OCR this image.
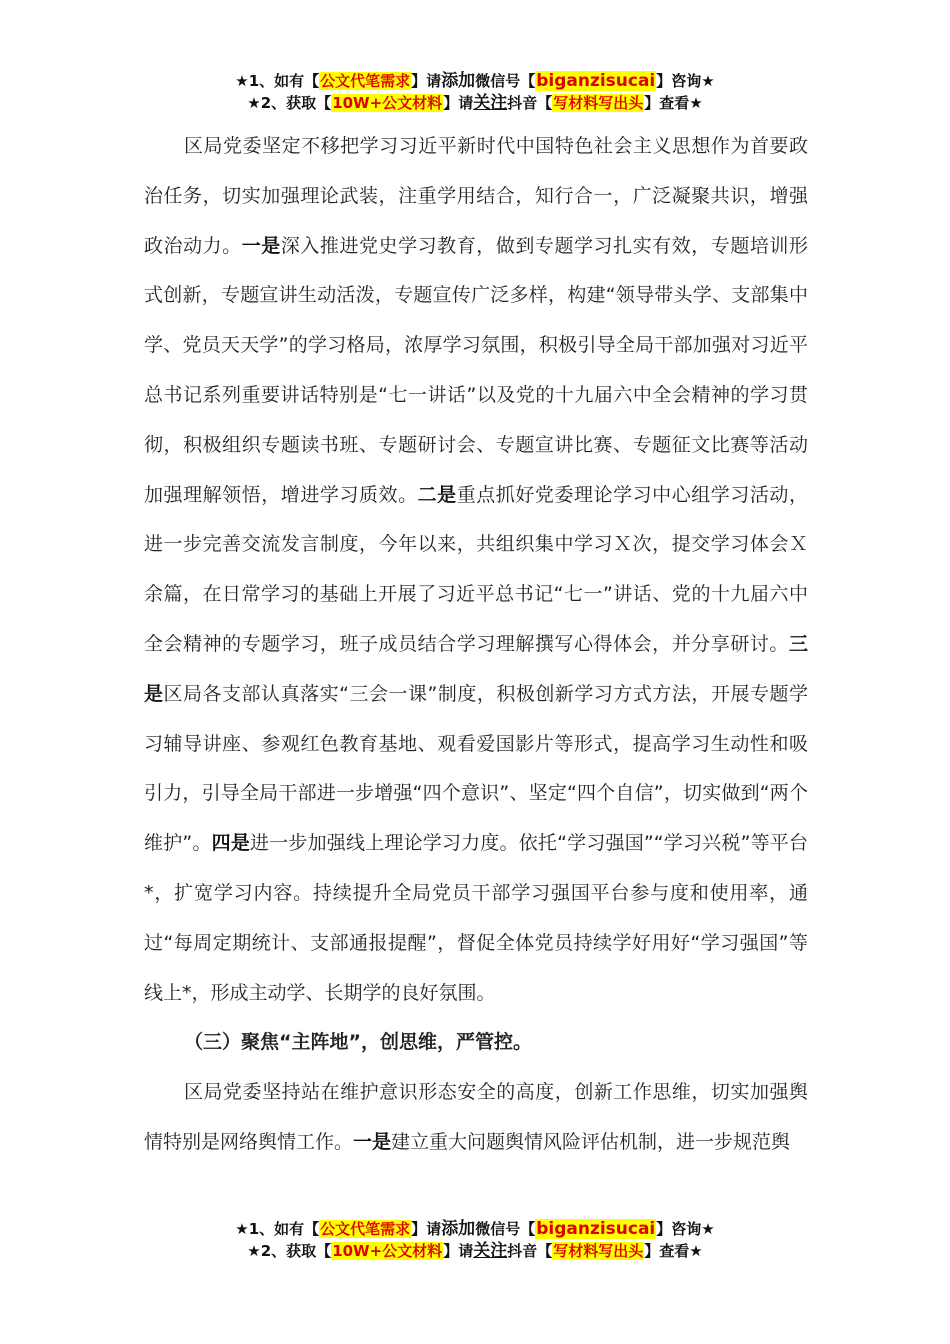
★1、如有【公文代笔需求】请添加微信号【biganzisucai】咨询★
★2、获取【10W+公文材料】请关注抖音【写材料写出头】查看★

区局党委坚定不移把学习习近平新时代中国特色社会主义思想作为首要政治任务，切实加强理论武装，注重学用结合，知行合一，广泛凝聚共识，增强政治动力。一是深入推进党史学习教育，做到专题学习扎实有效，专题培训形式创新，专题宣讲生动活泼，专题宣传广泛多样，构建“领导带头学、支部集中学、党员天天学”的学习格局，浓厚学习氛围，积极引导全局干部加强对习近平总书记系列重要讲话特别是“七一讲话”以及党的十九届六中全会精神的学习贯彻，积极组织专题读书班、专题研讨会、专题宣讲比赛、专题征文比赛等活动加强理解领悟，增进学习质效。二是重点抓好党委理论学习中心组学习活动，进一步完善交流发言制度，今年以来，共组织集中学习Ｘ次，提交学习体会Ｘ余篇，在日常学习的基础上开展了习近平总书记“七一”讲话、党的十九届六中全会精神的专题学习，班子成员结合学习理解撰写心得体会，并分享研讨。三是区局各支部认真落实“三会一课”制度，积极创新学习方式方法，开展专题学习辅导讲座、参观红色教育基地、观看爱国影片等形式，提高学习生动性和吸引力，引导全局干部进一步增强“四个意识”、坚定“四个自信”，切实做到“两个维护”。四是进一步加强线上理论学习力度。依托“学习强国”“学习兴税”等平台*，扩宽学习内容。持续提升全局党员干部学习强国平台参与度和使用率，通过“每周定期统计、支部通报提醒”，督促全体党员持续学好用好“学习强国”等线上*，形成主动学、长期学的良好氛围。

（三）聚焦“主阵地”，创思维，严管控。

区局党委坚持站在维护意识形态安全的高度，创新工作思维，切实加强舆情特别是网络舆情工作。一是建立重大问题舆情风险评估机制，进一步规范舆

★1、如有【公文代笔需求】请添加微信号【biganzisucai】咨询★
★2、获取【10W+公文材料】请关注抖音【写材料写出头】查看★
